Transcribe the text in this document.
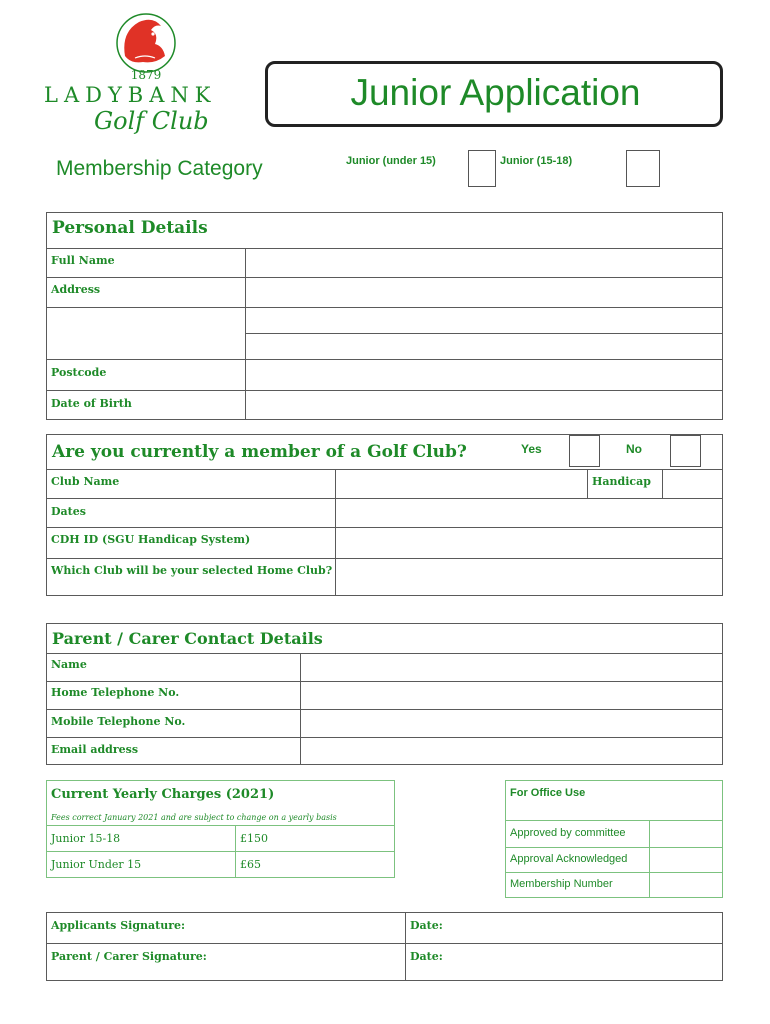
1879
LADYBANK
Golf Club
Junior Application
Membership Category	Junior (under 15)	Junior (15-18)
Personal Details
Full Name
Address
Postcode
Date of Birth
Are you currently a member of a Golf Club?	Yes	No
Club Name	Handicap
Dates
CDH ID (SGU Handicap System)
Which Club will be your selected Home Club?
Parent / Carer Contact Details
Name
Home Telephone No.
Mobile Telephone No.
Email address
Current Yearly Charges (2021)
Fees correct January 2021 and are subject to change on a yearly basis
Junior 15-18	£150
Junior Under 15	£65
For Office Use
Approved by committee
Approval Acknowledged
Membership Number
Applicants Signature:	Date:
Parent / Carer Signature:	Date:
